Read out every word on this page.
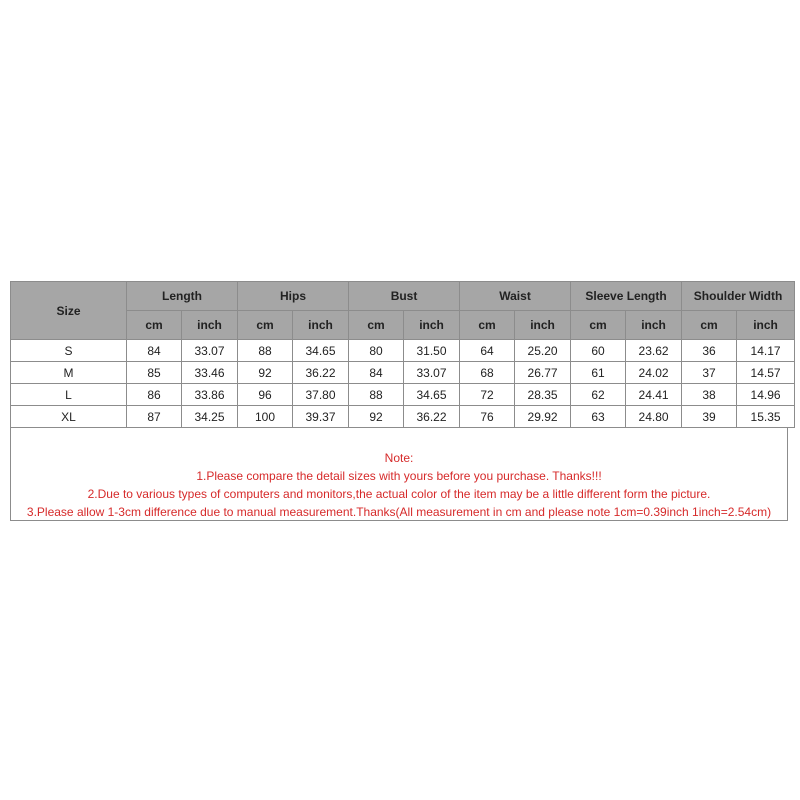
Size	Length		Hips		Bust		Waist		Sleeve Length		Shoulder Width	
	cm	inch	cm	inch	cm	inch	cm	inch	cm	inch	cm	inch
S	84	33.07	88	34.65	80	31.50	64	25.20	60	23.62	36	14.17
M	85	33.46	92	36.22	84	33.07	68	26.77	61	24.02	37	14.57
L	86	33.86	96	37.80	88	34.65	72	28.35	62	24.41	38	14.96
XL	87	34.25	100	39.37	92	36.22	76	29.92	63	24.80	39	15.35
Note:
1.Please compare the detail sizes with yours before you purchase. Thanks!!!
2.Due to various types of computers and monitors,the actual color of the item may be a little different form the picture.
3.Please allow 1-3cm difference due to manual measurement.Thanks(All measurement in cm and please note 1cm=0.39inch 1inch=2.54cm)
